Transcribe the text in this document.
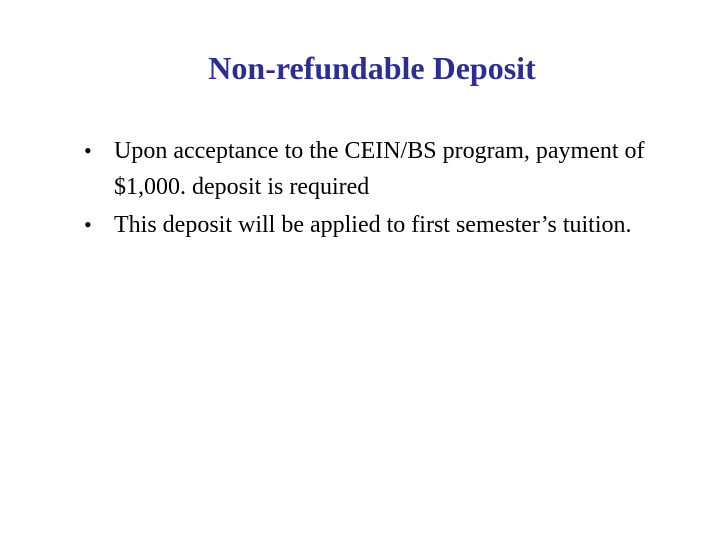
Non-refundable Deposit
• Upon acceptance to the CEIN/BS program, payment of $1,000. deposit is required
• This deposit will be applied to first semester’s tuition.
